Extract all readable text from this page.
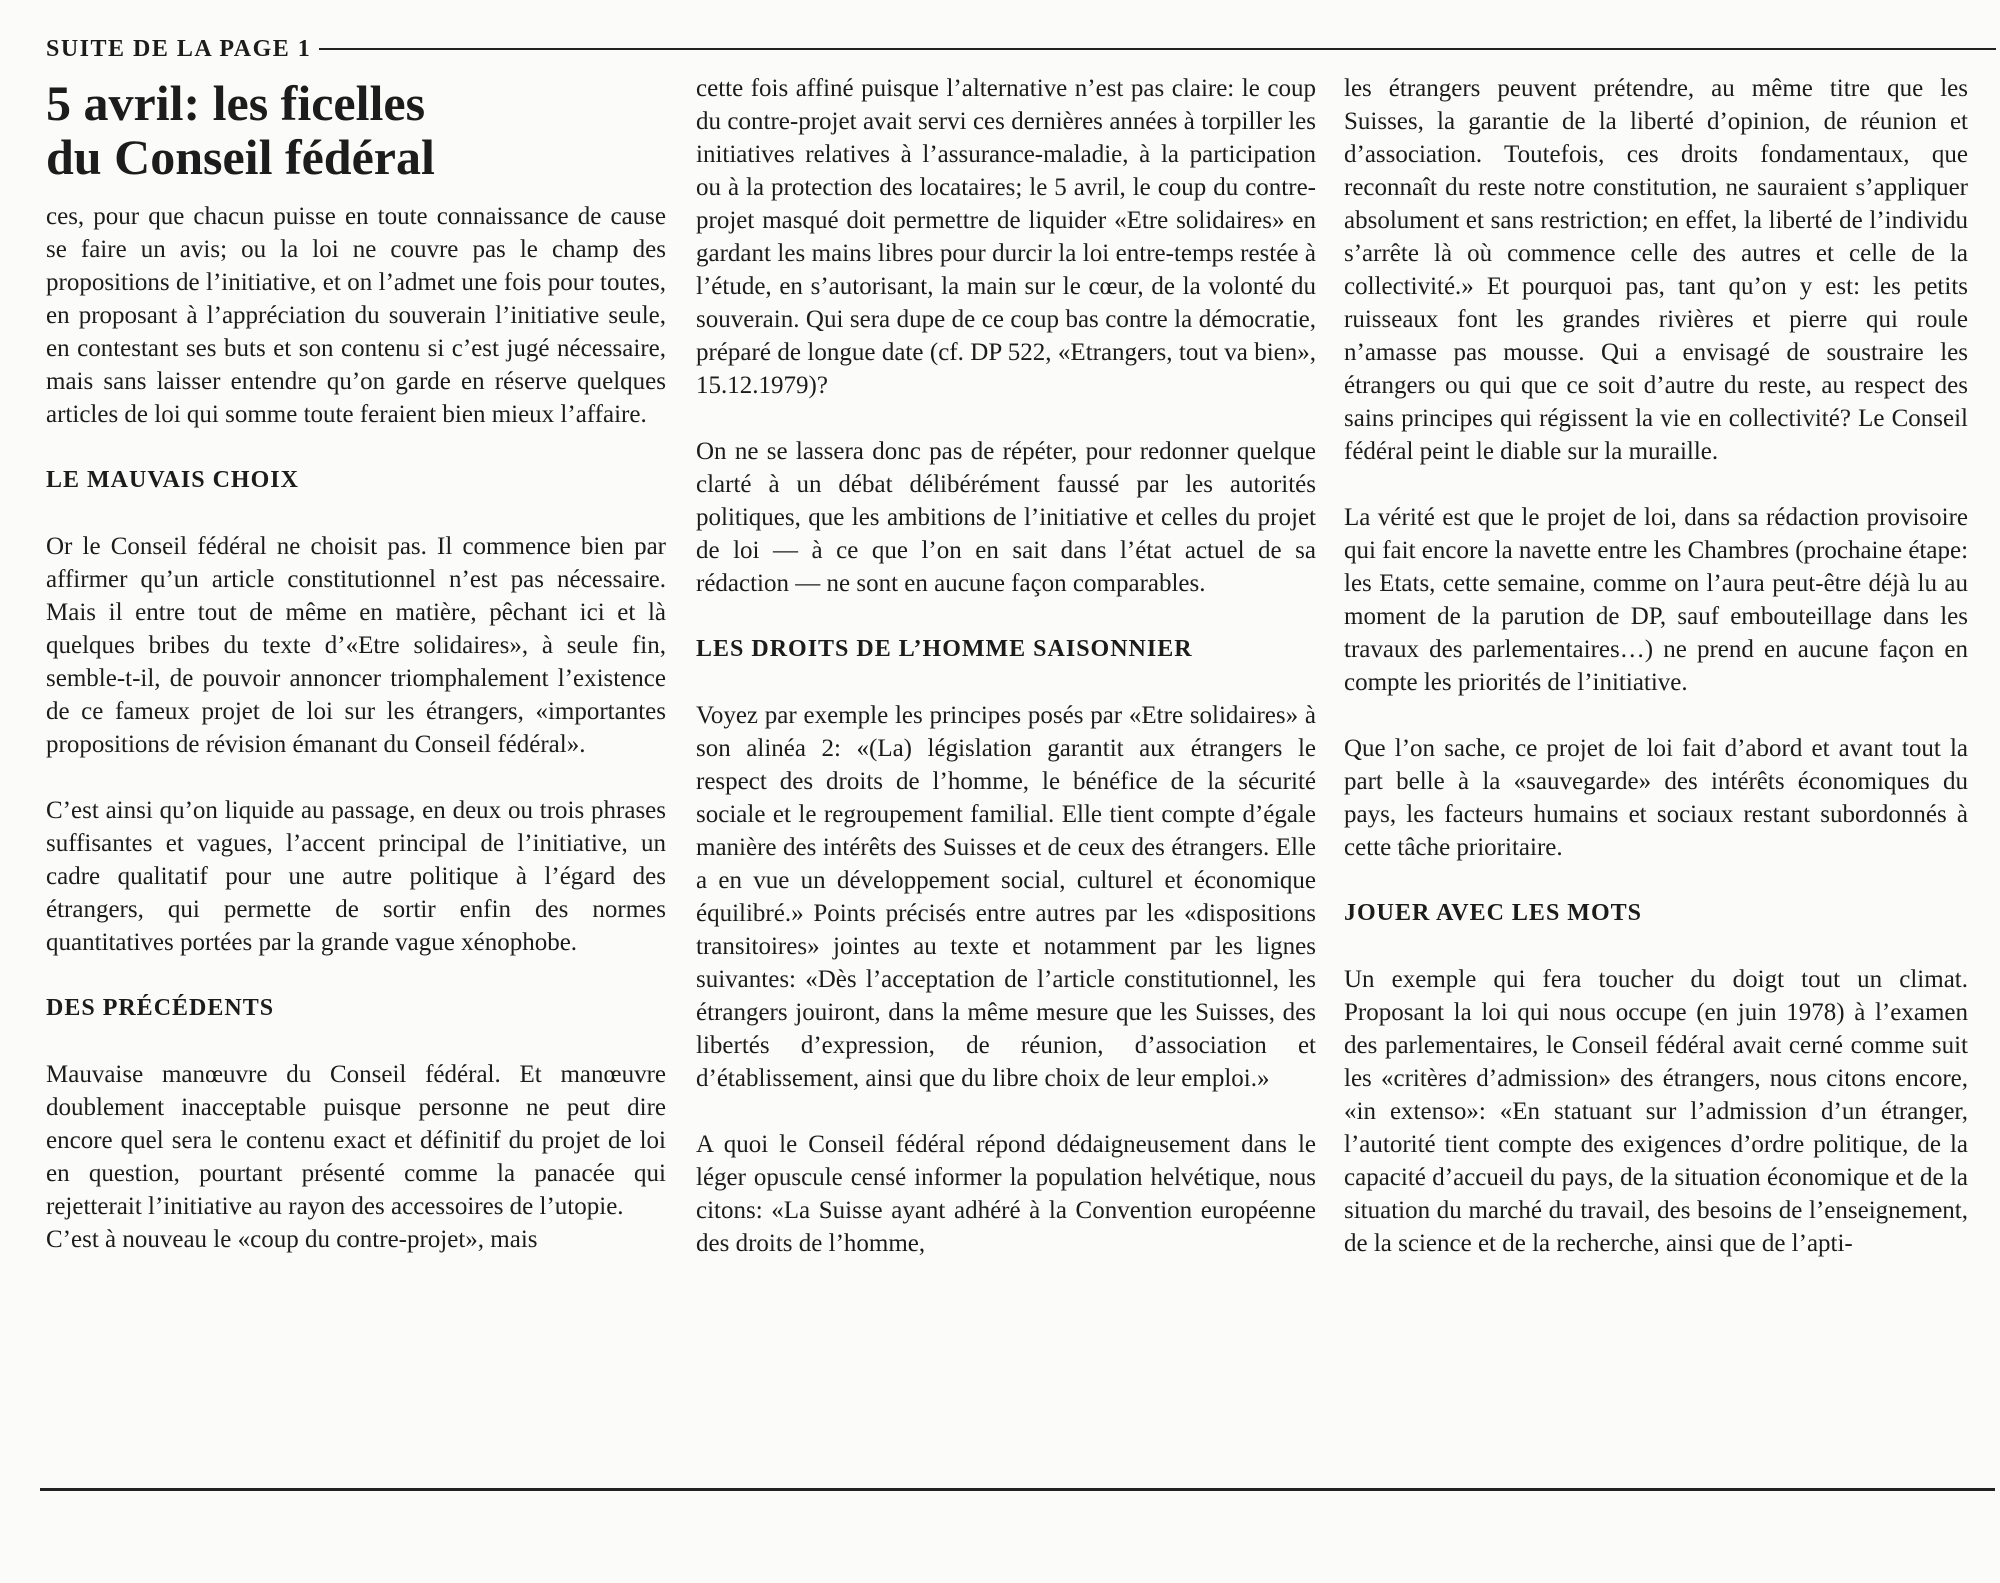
SUITE DE LA PAGE 1
5 avril: les ficelles
du Conseil fédéral

ces, pour que chacun puisse en toute connaissance de cause se faire un avis; ou la loi ne couvre pas le champ des propositions de l’initiative, et on l’admet une fois pour toutes, en proposant à l’appréciation du souverain l’initiative seule, en contestant ses buts et son contenu si c’est jugé nécessaire, mais sans laisser entendre qu’on garde en réserve quelques articles de loi qui somme toute feraient bien mieux l’affaire.

LE MAUVAIS CHOIX

Or le Conseil fédéral ne choisit pas. Il commence bien par affirmer qu’un article constitutionnel n’est pas nécessaire. Mais il entre tout de même en matière, pêchant ici et là quelques bribes du texte d’«Etre solidaires», à seule fin, semble-t-il, de pouvoir annoncer triomphalement l’existence de ce fameux projet de loi sur les étrangers, «importantes propositions de révision émanant du Conseil fédéral».

C’est ainsi qu’on liquide au passage, en deux ou trois phrases suffisantes et vagues, l’accent principal de l’initiative, un cadre qualitatif pour une autre politique à l’égard des étrangers, qui permette de sortir enfin des normes quantitatives portées par la grande vague xénophobe.

DES PRÉCÉDENTS

Mauvaise manœuvre du Conseil fédéral. Et manœuvre doublement inacceptable puisque personne ne peut dire encore quel sera le contenu exact et définitif du projet de loi en question, pourtant présenté comme la panacée qui rejetterait l’initiative au rayon des accessoires de l’utopie.

C’est à nouveau le «coup du contre-projet», mais

cette fois affiné puisque l’alternative n’est pas claire: le coup du contre-projet avait servi ces dernières années à torpiller les initiatives relatives à l’assurance-maladie, à la participation ou à la protection des locataires; le 5 avril, le coup du contre-projet masqué doit permettre de liquider «Etre solidaires» en gardant les mains libres pour durcir la loi entre-temps restée à l’étude, en s’autorisant, la main sur le cœur, de la volonté du souverain. Qui sera dupe de ce coup bas contre la démocratie, préparé de longue date (cf. DP 522, «Etrangers, tout va bien», 15.12.1979)?

On ne se lassera donc pas de répéter, pour redonner quelque clarté à un débat délibérément faussé par les autorités politiques, que les ambitions de l’initiative et celles du projet de loi — à ce que l’on en sait dans l’état actuel de sa rédaction — ne sont en aucune façon comparables.

LES DROITS DE L’HOMME SAISONNIER

Voyez par exemple les principes posés par «Etre solidaires» à son alinéa 2: «(La) législation garantit aux étrangers le respect des droits de l’homme, le bénéfice de la sécurité sociale et le regroupement familial. Elle tient compte d’égale manière des intérêts des Suisses et de ceux des étrangers. Elle a en vue un développement social, culturel et économique équilibré.» Points précisés entre autres par les «dispositions transitoires» jointes au texte et notamment par les lignes suivantes: «Dès l’acceptation de l’article constitutionnel, les étrangers jouiront, dans la même mesure que les Suisses, des libertés d’expression, de réunion, d’association et d’établissement, ainsi que du libre choix de leur emploi.»

A quoi le Conseil fédéral répond dédaigneusement dans le léger opuscule censé informer la population helvétique, nous citons: «La Suisse ayant adhéré à la Convention européenne des droits de l’homme,

les étrangers peuvent prétendre, au même titre que les Suisses, la garantie de la liberté d’opinion, de réunion et d’association. Toutefois, ces droits fondamentaux, que reconnaît du reste notre constitution, ne sauraient s’appliquer absolument et sans restriction; en effet, la liberté de l’individu s’arrête là où commence celle des autres et celle de la collectivité.» Et pourquoi pas, tant qu’on y est: les petits ruisseaux font les grandes rivières et pierre qui roule n’amasse pas mousse. Qui a envisagé de soustraire les étrangers ou qui que ce soit d’autre du reste, au respect des sains principes qui régissent la vie en collectivité? Le Conseil fédéral peint le diable sur la muraille.

La vérité est que le projet de loi, dans sa rédaction provisoire qui fait encore la navette entre les Chambres (prochaine étape: les Etats, cette semaine, comme on l’aura peut-être déjà lu au moment de la parution de DP, sauf embouteillage dans les travaux des parlementaires…) ne prend en aucune façon en compte les priorités de l’initiative.

Que l’on sache, ce projet de loi fait d’abord et avant tout la part belle à la «sauvegarde» des intérêts économiques du pays, les facteurs humains et sociaux restant subordonnés à cette tâche prioritaire.

JOUER AVEC LES MOTS

Un exemple qui fera toucher du doigt tout un climat. Proposant la loi qui nous occupe (en juin 1978) à l’examen des parlementaires, le Conseil fédéral avait cerné comme suit les «critères d’admission» des étrangers, nous citons encore, «in extenso»: «En statuant sur l’admission d’un étranger, l’autorité tient compte des exigences d’ordre politique, de la capacité d’accueil du pays, de la situation économique et de la situation du marché du travail, des besoins de l’enseignement, de la science et de la recherche, ainsi que de l’apti-
